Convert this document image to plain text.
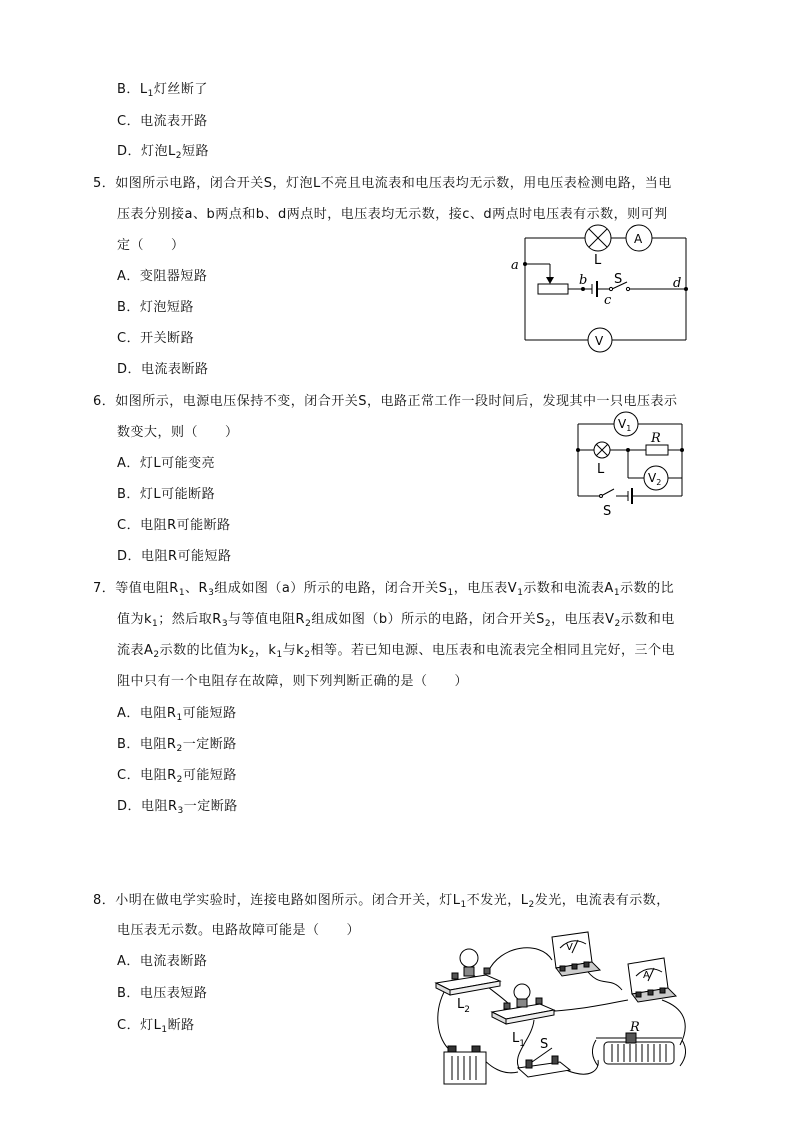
B．$L_1$灯丝断了
C．电流表开路
D．灯泡$L_2$短路
5．如图所示电路，闭合开关S，灯泡L不亮且电流表和电压表均无示数，用电压表检测电路，当电
压表分别接a、b两点和b、d两点时，电压表均无示数，接c、d两点时电压表有示数，则可判
定（　　）
A．变阻器短路
B．灯泡短路
C．开关断路
D．电流表断路
a
b
c
d
L
S
A
V
6．如图所示，电源电压保持不变，闭合开关S，电路正常工作一段时间后，发现其中一只电压表示
数变大，则（　　）
A．灯L可能变亮
B．灯L可能断路
C．电阻R可能断路
D．电阻R可能短路
$V_1$
$V_2$
R
L
S
7．等值电阻$R_1$、$R_3$组成如图（a）所示的电路，闭合开关$S_1$，电压表$V_1$示数和电流表$A_1$示数的比
值为$k_1$；然后取$R_3$与等值电阻$R_2$组成如图（b）所示的电路，闭合开关$S_2$，电压表$V_2$示数和电
流表$A_2$示数的比值为$k_2$，$k_1$与$k_2$相等。若已知电源、电压表和电流表完全相同且完好，三个电
阻中只有一个电阻存在故障，则下列判断正确的是（　　）
A．电阻$R_1$可能短路
B．电阻$R_2$一定断路
C．电阻$R_2$可能短路
D．电阻$R_3$一定断路
8．小明在做电学实验时，连接电路如图所示。闭合开关，灯$L_1$不发光，$L_2$发光，电流表有示数，
电压表无示数。电路故障可能是（　　）
A．电流表断路
B．电压表短路
C．灯$L_1$断路
$L_2$
$L_1$
V
A
S
R
